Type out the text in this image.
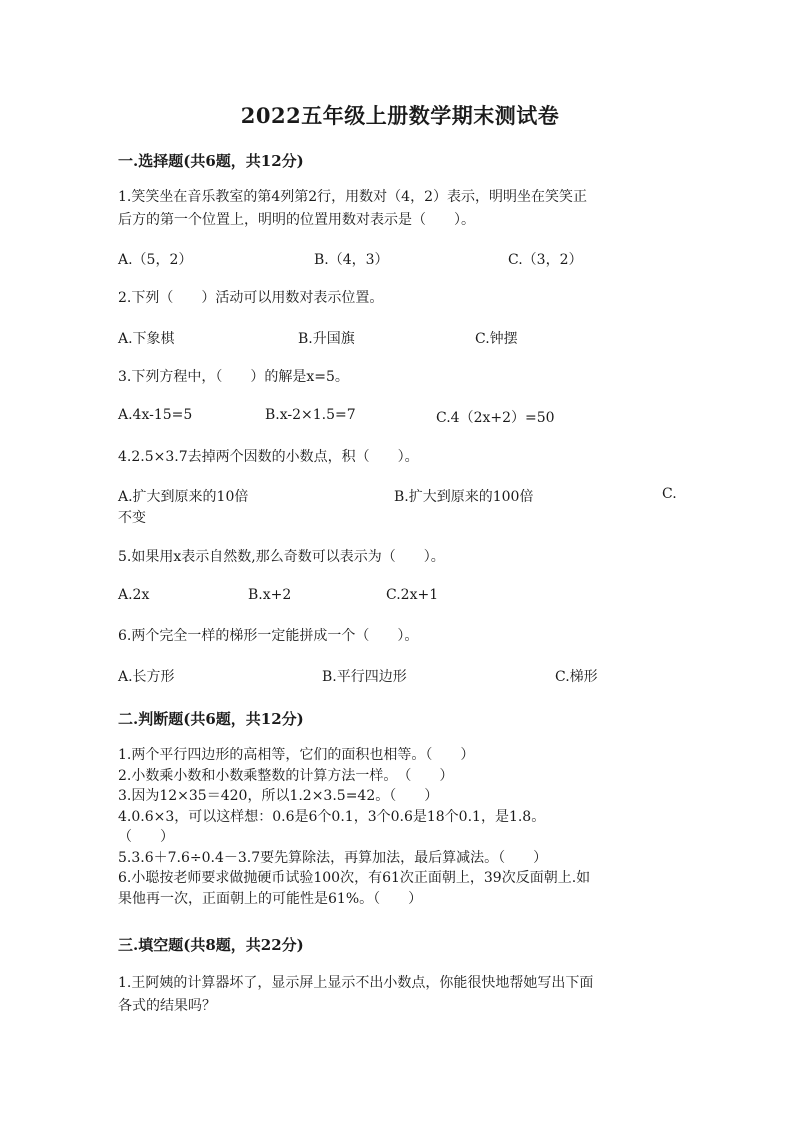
2022五年级上册数学期末测试卷
一.选择题(共6题，共12分)
1.笑笑坐在音乐教室的第4列第2行，用数对（4，2）表示，明明坐在笑笑正
后方的第一个位置上，明明的位置用数对表示是（　　）。
A.（5，2）	B.（4，3）	C.（3，2）
2.下列（　　）活动可以用数对表示位置。
A.下象棋	B.升国旗	C.钟摆
3.下列方程中，（　　）的解是x=5。
A.4x-15=5	B.x-2×1.5=7	C.4（2x+2）=50
4.2.5×3.7去掉两个因数的小数点，积（　　）。
A.扩大到原来的10倍	B.扩大到原来的100倍	C.
不变
5.如果用x表示自然数,那么奇数可以表示为（　　）。
A.2x	B.x+2	C.2x+1
6.两个完全一样的梯形一定能拼成一个（　　）。
A.长方形	B.平行四边形	C.梯形
二.判断题(共6题，共12分)
1.两个平行四边形的高相等，它们的面积也相等。（　　）
2.小数乘小数和小数乘整数的计算方法一样。　（　　）
3.因为12×35＝420，所以1.2×3.5=42。（　　）
4.0.6×3，可以这样想：0.6是6个0.1，3个0.6是18个0.1，是1.8。
（　　）
5.3.6＋7.6÷0.4－3.7要先算除法，再算加法，最后算减法。（　　）
6.小聪按老师要求做抛硬币试验100次，有61次正面朝上，39次反面朝上.如
果他再一次，正面朝上的可能性是61%。（　　）
三.填空题(共8题，共22分)
1.王阿姨的计算器坏了，显示屏上显示不出小数点，你能很快地帮她写出下面
各式的结果吗？
